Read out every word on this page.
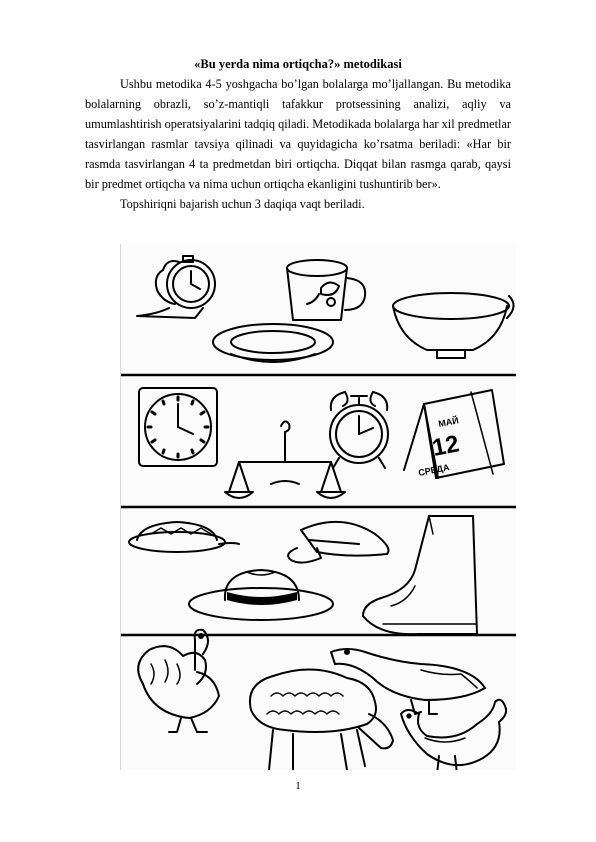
«Bu yerda nima ortiqcha?» metodikasi

Ushbu metodika 4-5 yoshgacha bo’lgan bolalarga mo’ljallangan. Bu metodika bolalarning obrazli, so’z-mantiqli tafakkur protsessining analizi, aqliy va umumlashtirish operatsiyalarini tadqiq qiladi. Metodikada bolalarga har xil predmetlar tasvirlangan rasmlar tavsiya qilinadi va quyidagicha ko’rsatma beriladi: «Har bir rasmda tasvirlangan 4 ta predmetdan biri ortiqcha. Diqqat bilan rasmga qarab, qaysi bir predmet ortiqcha va nima uchun ortiqcha ekanligini tushuntirib ber».

Topshiriqni bajarish uchun 3 daqiqa vaqt beriladi.

МАЙ
12
СРЕДА
1
